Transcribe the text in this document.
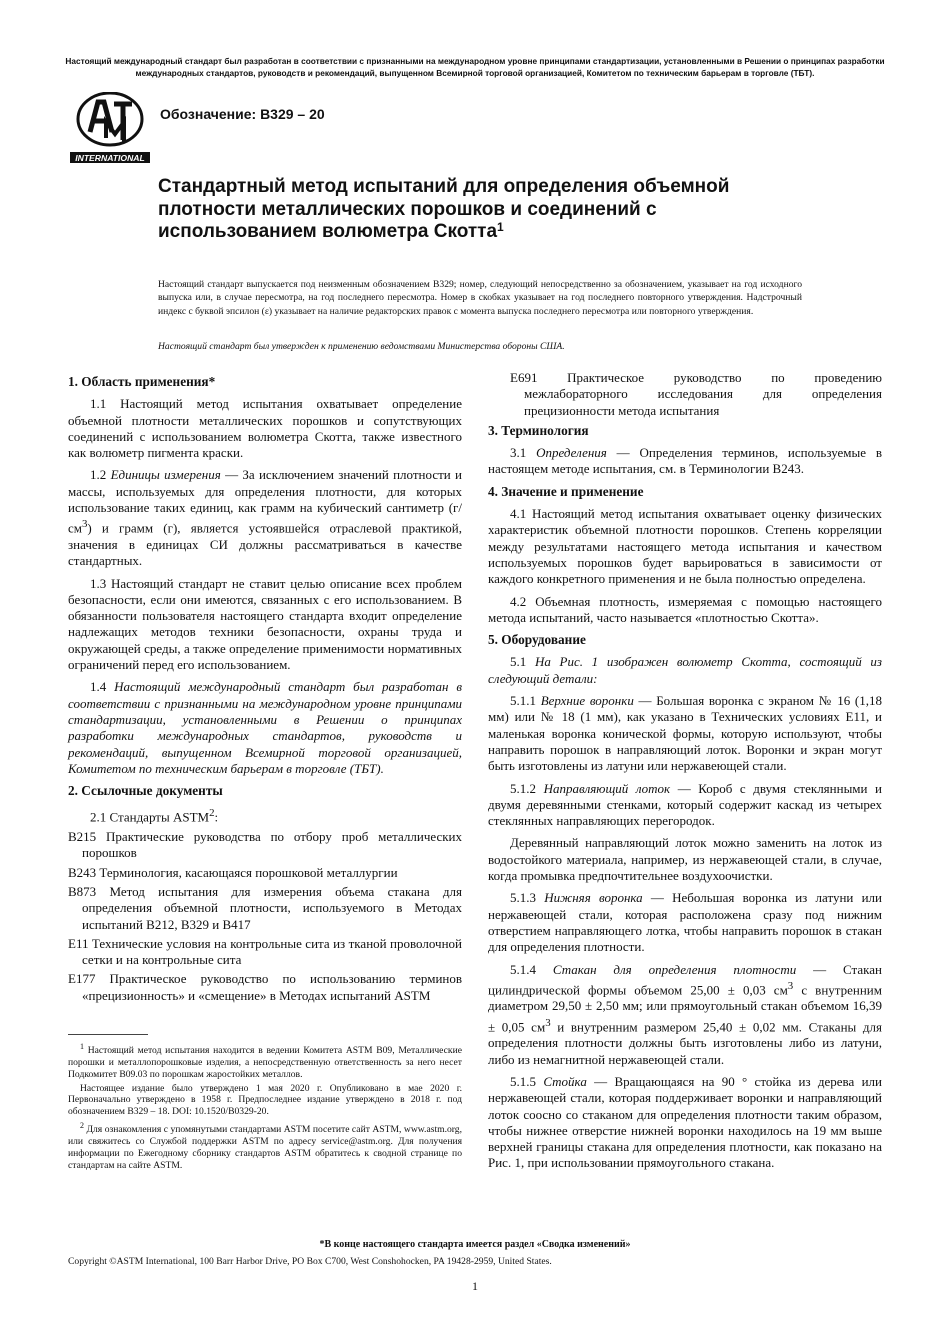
Настоящий международный стандарт был разработан в соответствии с признанными на международном уровне принципами стандартизации, установленными в Решении о принципах разработки международных стандартов, руководств и рекомендаций, выпущенном Всемирной торговой организацией, Комитетом по техническим барьерам в торговле (ТБТ).
INTERNATIONAL
Обозначение: B329 – 20
Стандартный метод испытаний для определения объемной плотности металлических порошков и соединений с использованием волюметра Скотта$^1$
Настоящий стандарт выпускается под неизменным обозначением B329; номер, следующий непосредственно за обозначением, указывает на год исходного выпуска или, в случае пересмотра, на год последнего пересмотра. Номер в скобках указывает на год последнего повторного утверждения. Надстрочный индекс с буквой эпсилон (ε) указывает на наличие редакторских правок с момента выпуска последнего пересмотра или повторного утверждения.
Настоящий стандарт был утвержден к применению ведомствами Министерства обороны США.
1. Область применения*

1.1 Настоящий метод испытания охватывает определение объемной плотности металлических порошков и сопутствующих соединений с использованием волюметра Скотта, также известного как волюметр пигмента краски.

1.2 Единицы измерения — За исключением значений плотности и массы, используемых для определения плотности, для которых использование таких единиц, как грамм на кубический сантиметр $(г/см^3)$ и грамм (г), является устоявшейся отраслевой практикой, значения в единицах СИ должны рассматриваться в качестве стандартных.

1.3 Настоящий стандарт не ставит целью описание всех проблем безопасности, если они имеются, связанных с его использованием. В обязанности пользователя настоящего стандарта входит определение надлежащих методов техники безопасности, охраны труда и окружающей среды, а также определение применимости нормативных ограничений перед его использованием.

1.4 Настоящий международный стандарт был разработан в соответствии с признанными на международном уровне принципами стандартизации, установленными в Решении о принципах разработки международных стандартов, руководств и рекомендаций, выпущенном Всемирной торговой организацией, Комитетом по техническим барьерам в торговле (ТБТ).

2. Ссылочные документы
2.1 Стандарты ASTM$^2$:
B215 Практические руководства по отбору проб металлических порошков
B243 Терминология, касающаяся порошковой металлургии
B873 Метод испытания для измерения объема стакана для определения объемной плотности, используемого в Методах испытаний B212, B329 и B417
E11 Технические условия на контрольные сита из тканой проволочной сетки и на контрольные сита
E177 Практическое руководство по использованию терминов «прецизионность» и «смещение» в Методах испытаний ASTM
$^1$ Настоящий метод испытания находится в ведении Комитета ASTM B09, Металлические порошки и металлопорошковые изделия, а непосредственную ответственность за него несет Подкомитет B09.03 по порошкам жаростойких металлов.
Настоящее издание было утверждено 1 мая 2020 г. Опубликовано в мае 2020 г. Первоначально утверждено в 1958 г. Предпоследнее издание утверждено в 2018 г. под обозначением B329 – 18. DOI: 10.1520/B0329-20.
$^2$ Для ознакомления с упомянутыми стандартами ASTM посетите сайт ASTM, www.astm.org, или свяжитесь со Службой поддержки ASTM по адресу service@astm.org. Для получения информации по Ежегодному сборнику стандартов ASTM обратитесь к сводной странице по стандартам на сайте ASTM.
E691 Практическое руководство по проведению межлабораторного исследования для определения прецизионности метода испытания
3. Терминология

3.1 Определения — Определения терминов, используемые в настоящем методе испытания, см. в Терминологии B243.

4. Значение и применение

4.1 Настоящий метод испытания охватывает оценку физических характеристик объемной плотности порошков. Степень корреляции между результатами настоящего метода испытания и качеством используемых порошков будет варьироваться в зависимости от каждого конкретного применения и не была полностью определена.

4.2 Объемная плотность, измеряемая с помощью настоящего метода испытаний, часто называется «плотностью Скотта».

5. Оборудование

5.1 На Рис. 1 изображен волюметр Скотта, состоящий из следующий детали:

5.1.1 Верхние воронки — Большая воронка с экраном № 16 (1,18 мм) или № 18 (1 мм), как указано в Технических условиях E11, и маленькая воронка конической формы, которую используют, чтобы направить порошок в направляющий лоток. Воронки и экран могут быть изготовлены из латуни или нержавеющей стали.

5.1.2 Направляющий лоток — Короб с двумя стеклянными и двумя деревянными стенками, который содержит каскад из четырех стеклянных направляющих перегородок.

Деревянный направляющий лоток можно заменить на лоток из водостойкого материала, например, из нержавеющей стали, в случае, когда промывка предпочтительнее воздухоочистки.

5.1.3 Нижняя воронка — Небольшая воронка из латуни или нержавеющей стали, которая расположена сразу под нижним отверстием направляющего лотка, чтобы направить порошок в стакан для определения плотности.

5.1.4 Стакан для определения плотности — Стакан цилиндрической формы объемом 25,00 ± 0,03 $см^3$ с внутренним диаметром 29,50 ± 2,50 мм; или прямоугольный стакан объемом 16,39 ± 0,05 $см^3$ и внутренним размером 25,40 ± 0,02 мм. Стаканы для определения плотности должны быть изготовлены либо из латуни, либо из немагнитной нержавеющей стали.

5.1.5 Стойка — Вращающаяся на 90 ° стойка из дерева или нержавеющей стали, которая поддерживает воронки и направляющий лоток соосно со стаканом для определения плотности таким образом, чтобы нижнее отверстие нижней воронки находилось на 19 мм выше верхней границы стакана для определения плотности, как показано на Рис. 1, при использовании прямоугольного стакана.

*В конце настоящего стандарта имеется раздел «Сводка изменений»
Copyright ©ASTM International, 100 Barr Harbor Drive, PO Box C700, West Conshohocken, PA 19428-2959, United States.
1
